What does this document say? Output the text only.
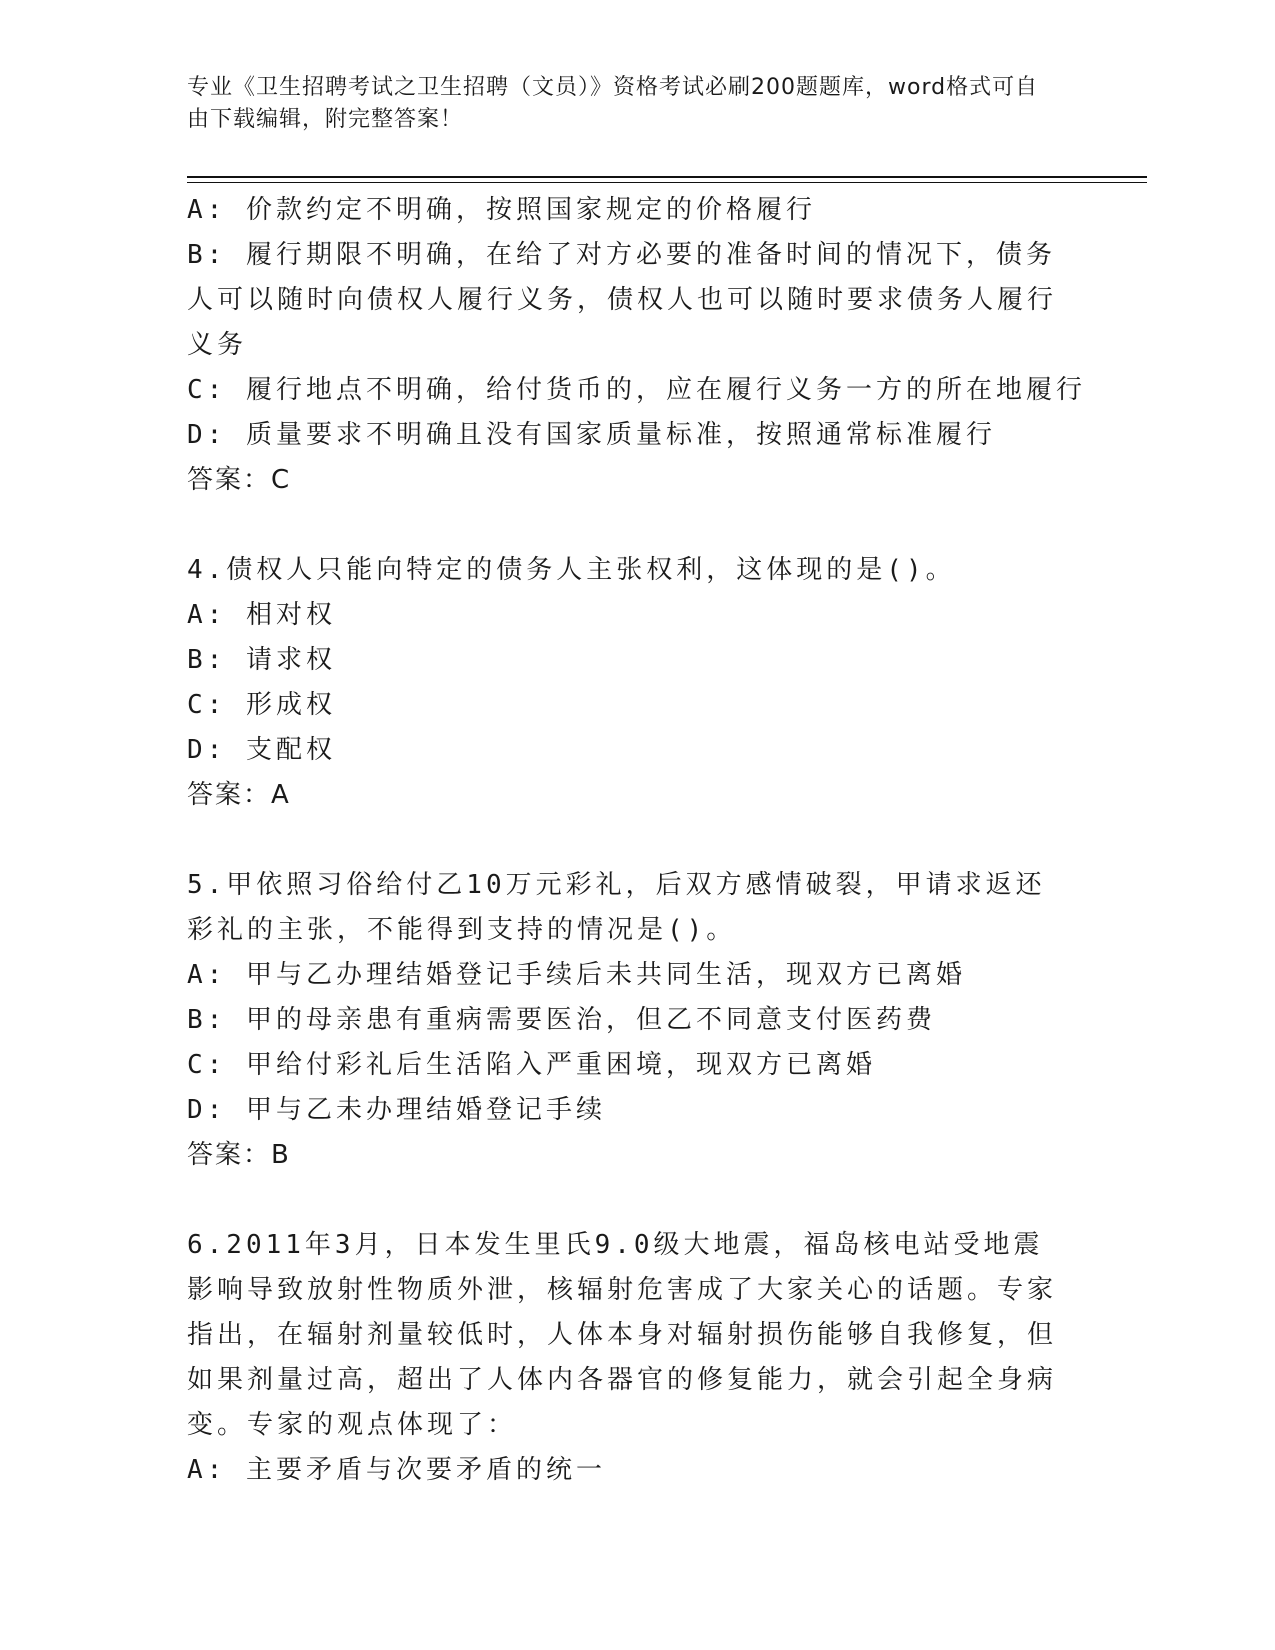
专业《卫生招聘考试之卫生招聘（文员）》资格考试必刷200题题库，word格式可自由下载编辑，附完整答案！

A: 价款约定不明确，按照国家规定的价格履行

B: 履行期限不明确，在给了对方必要的准备时间的情况下，债务人可以随时向债权人履行义务，债权人也可以随时要求债务人履行义务

C: 履行地点不明确，给付货币的，应在履行义务一方的所在地履行

D: 质量要求不明确且没有国家质量标准，按照通常标准履行

答案：C

4.债权人只能向特定的债务人主张权利，这体现的是()。

A: 相对权

B: 请求权

C: 形成权

D: 支配权

答案：A

5.甲依照习俗给付乙10万元彩礼，后双方感情破裂，甲请求返还彩礼的主张，不能得到支持的情况是()。

A: 甲与乙办理结婚登记手续后未共同生活，现双方已离婚

B: 甲的母亲患有重病需要医治，但乙不同意支付医药费

C: 甲给付彩礼后生活陷入严重困境，现双方已离婚

D: 甲与乙未办理结婚登记手续

答案：B

6.2011年3月，日本发生里氏9.0级大地震，福岛核电站受地震影响导致放射性物质外泄，核辐射危害成了大家关心的话题。专家指出，在辐射剂量较低时，人体本身对辐射损伤能够自我修复，但如果剂量过高，超出了人体内各器官的修复能力，就会引起全身病变。专家的观点体现了：

A: 主要矛盾与次要矛盾的统一
